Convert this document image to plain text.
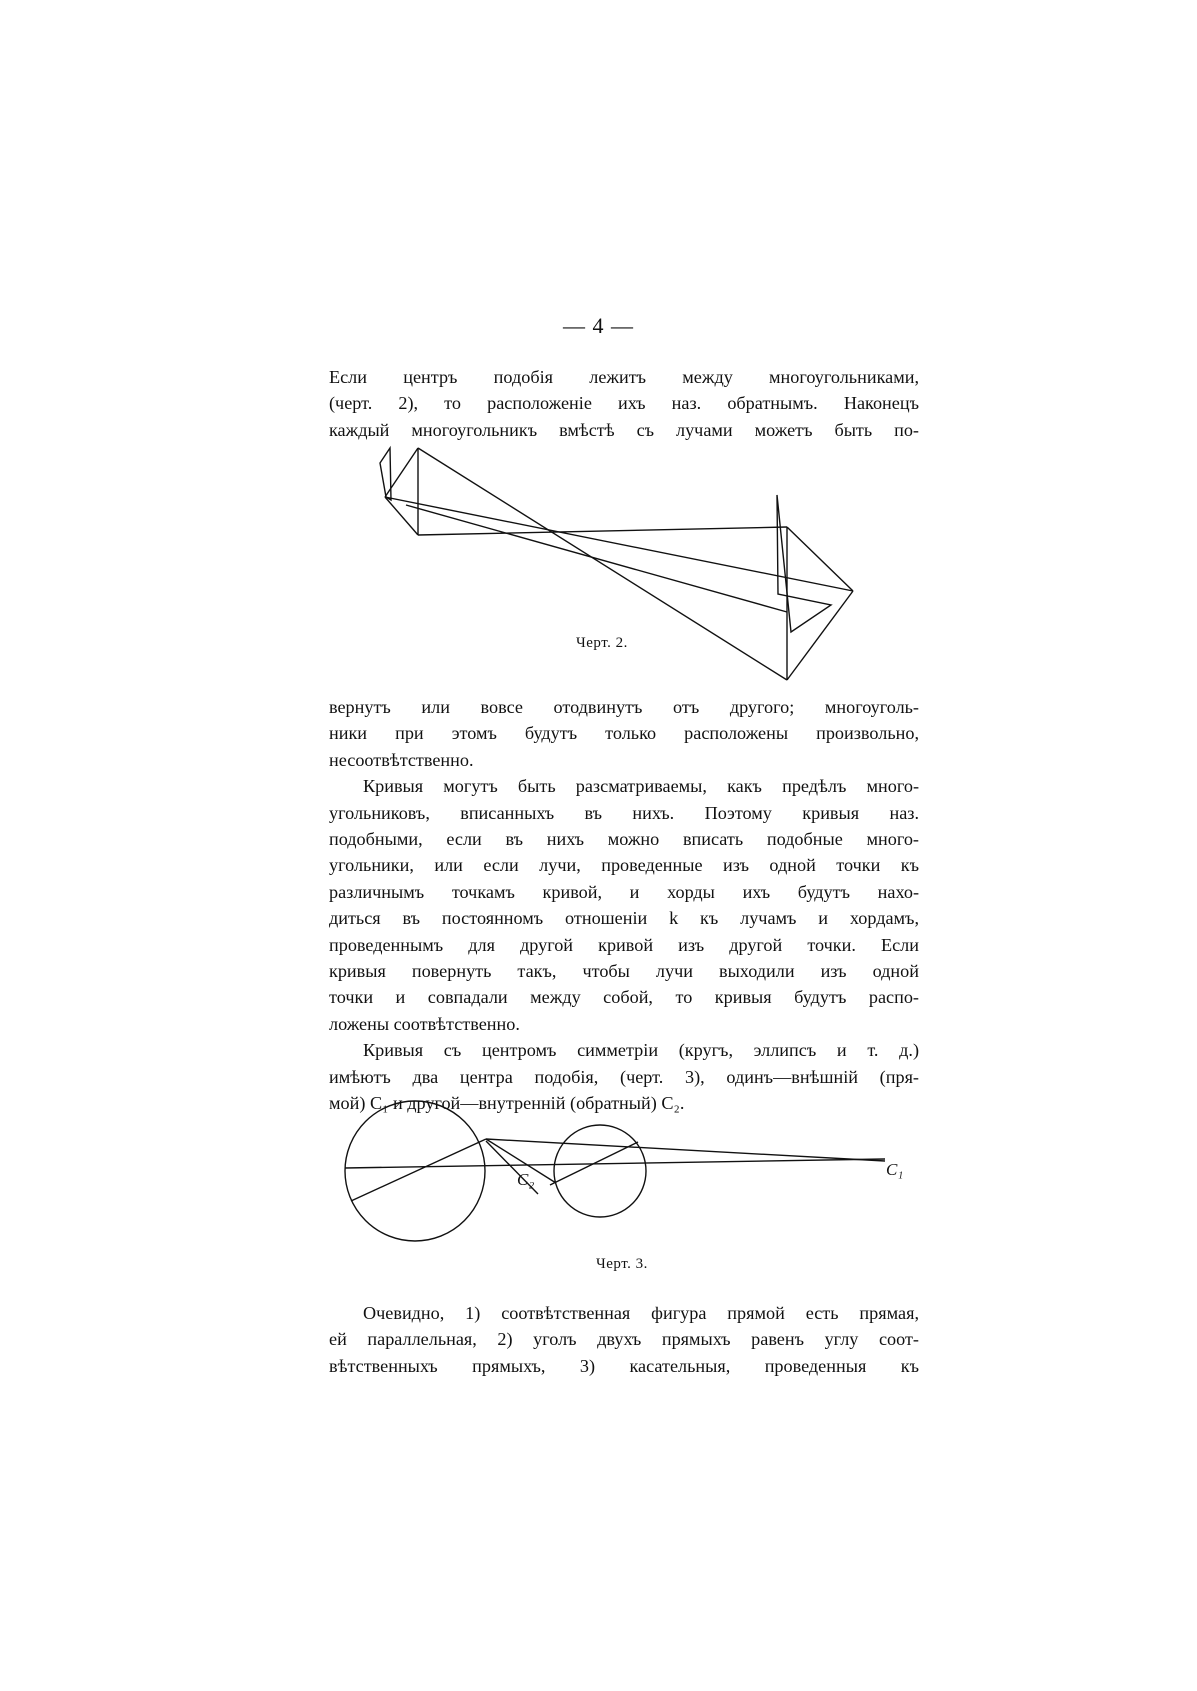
— 4 —

Если центръ подобія лежитъ между многоугольниками,
(черт. 2), то расположеніе ихъ наз. обратнымъ. Наконецъ
каждый многоугольникъ вмѣстѣ съ лучами можетъ быть по-

Черт. 2.

вернутъ или вовсе отодвинутъ отъ другого; многоуголь-
ники при этомъ будутъ только расположены произвольно,
несоотвѣтственно.

Кривыя могутъ быть разсматриваемы, какъ предѣлъ много-

угольниковъ, вписанныхъ въ нихъ. Поэтому кривыя наз.
подобными, если въ нихъ можно вписать подобные много-
угольники, или если лучи, проведенные изъ одной точки къ
различнымъ точкамъ кривой, и хорды ихъ будутъ нахо-
диться въ постоянномъ отношеніи k къ лучамъ и хордамъ,
проведеннымъ для другой кривой изъ другой точки. Если
кривыя повернуть такъ, чтобы лучи выходили изъ одной
точки и совпадали между собой, то кривыя будутъ распо-
ложены соотвѣтственно.

Кривыя съ центромъ симметріи (кругъ, эллипсъ и т. д.)

имѣютъ два центра подобія, (черт. 3), одинъ—внѣшній (пря-
мой) C₁ и другой—внутренній (обратный) C₂.

C₂
C₁
Черт. 3.

Очевидно, 1) соотвѣтственная фигура прямой есть прямая,

ей параллельная, 2) уголъ двухъ прямыхъ равенъ углу соот-
вѣтственныхъ прямыхъ, 3) касательныя, проведенныя къ
